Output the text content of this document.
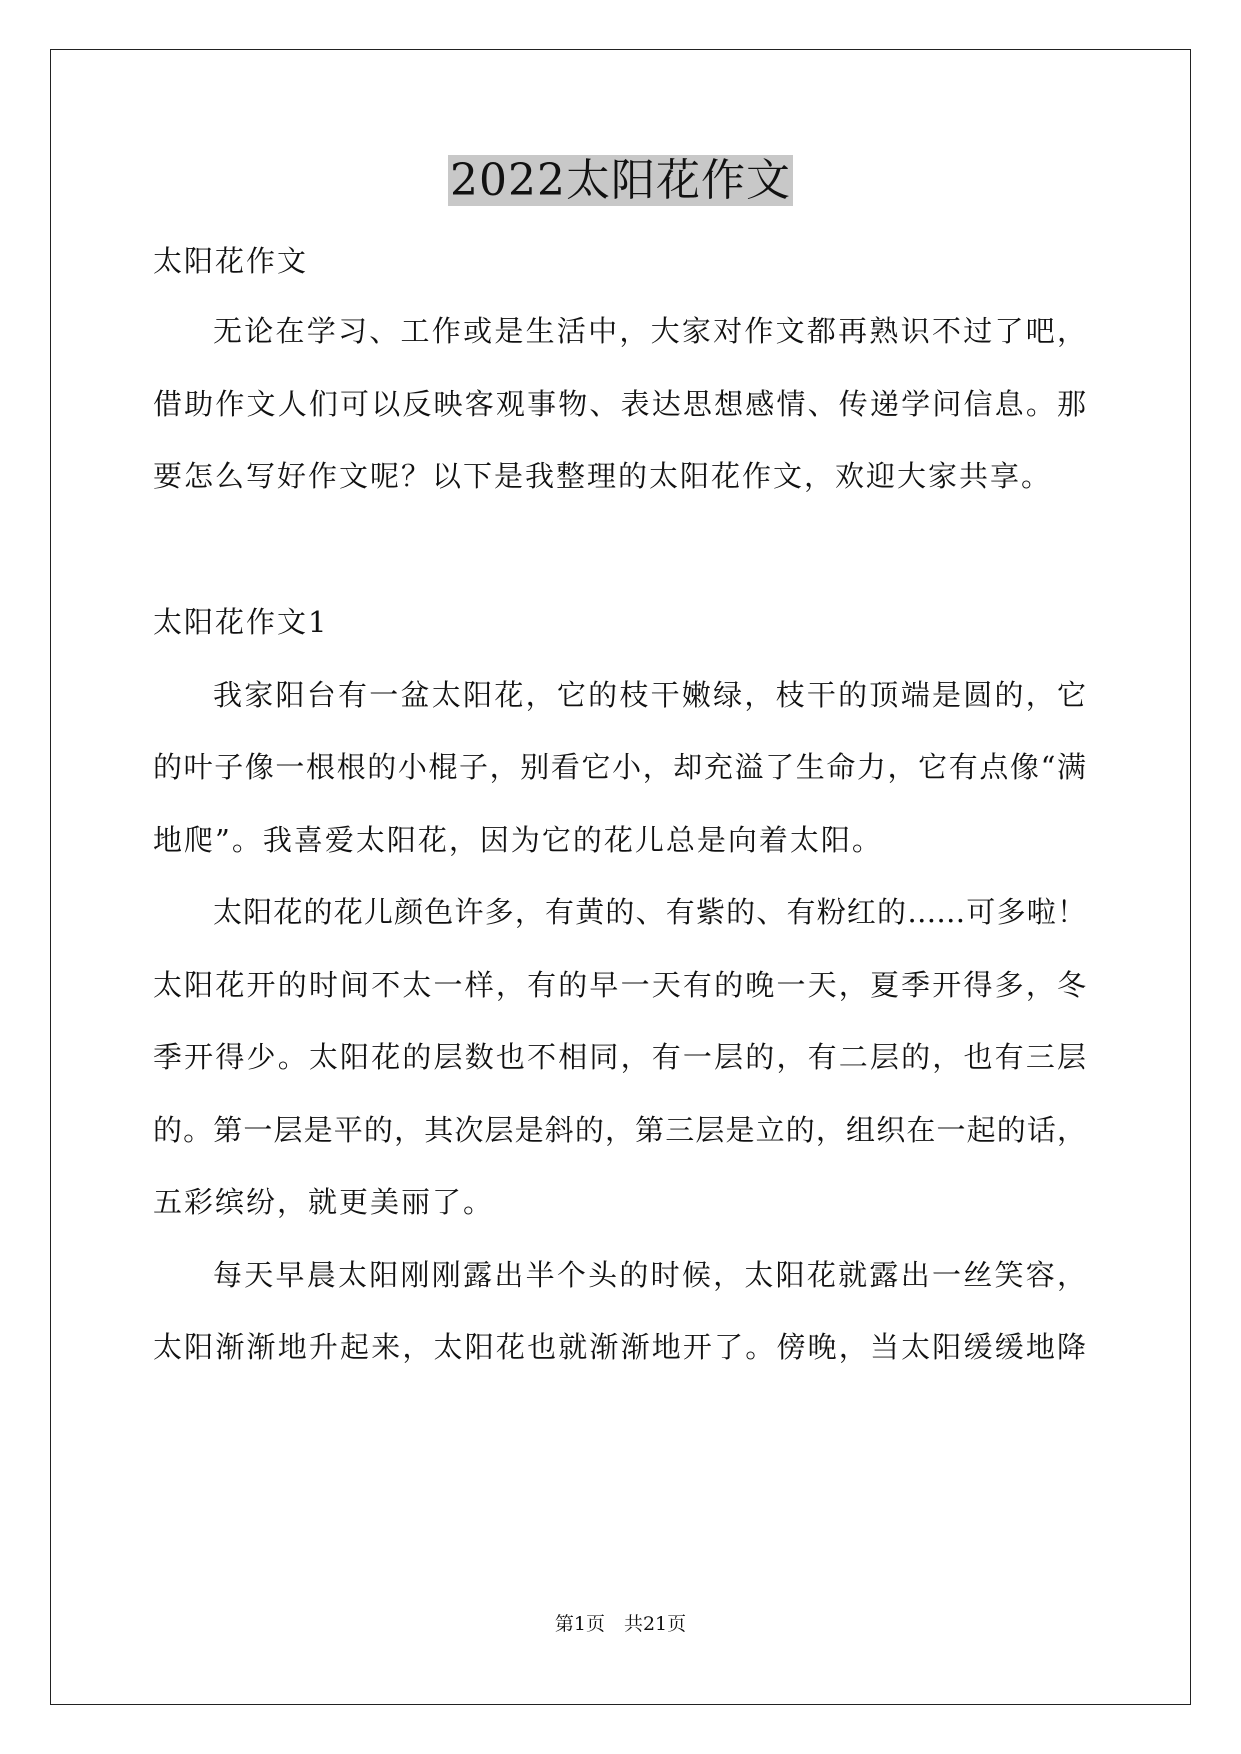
2022太阳花作文
太阳花作文
无论在学习、工作或是生活中，大家对作文都再熟识不过了吧，
借助作文人们可以反映客观事物、表达思想感情、传递学问信息。那
要怎么写好作文呢？以下是我整理的太阳花作文，欢迎大家共享。
太阳花作文1
我家阳台有一盆太阳花，它的枝干嫩绿，枝干的顶端是圆的，它
的叶子像一根根的小棍子，别看它小，却充溢了生命力，它有点像“满
地爬”。我喜爱太阳花，因为它的花儿总是向着太阳。
太阳花的花儿颜色许多，有黄的、有紫的、有粉红的……可多啦！
太阳花开的时间不太一样，有的早一天有的晚一天，夏季开得多，冬
季开得少。太阳花的层数也不相同，有一层的，有二层的，也有三层
的。第一层是平的，其次层是斜的，第三层是立的，组织在一起的话，
五彩缤纷，就更美丽了。
每天早晨太阳刚刚露出半个头的时候，太阳花就露出一丝笑容，
太阳渐渐地升起来，太阳花也就渐渐地开了。傍晚，当太阳缓缓地降
第1页　共21页
